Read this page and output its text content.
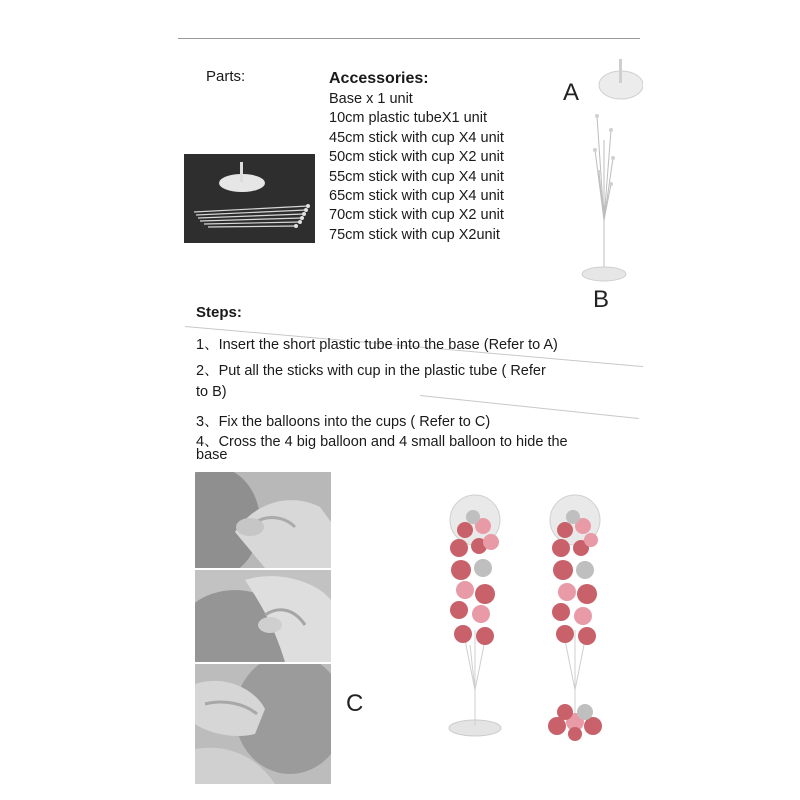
Parts:	Accessories:
Base x 1 unit
10cm plastic tubeX1 unit
45cm stick with cup X4 unit
50cm stick with cup X2 unit
55cm stick with cup X4 unit
65cm stick with cup X4 unit
70cm stick with cup X2 unit
75cm stick with cup X2unit
A
B
Steps:
1、Insert the short plastic tube into the base (Refer to A)
2、Put all the sticks with cup in the plastic tube ( Refer
to B)
3、Fix the balloons into the cups ( Refer to C)
4、Cross the 4 big balloon and 4 small balloon to hide the
base
C
